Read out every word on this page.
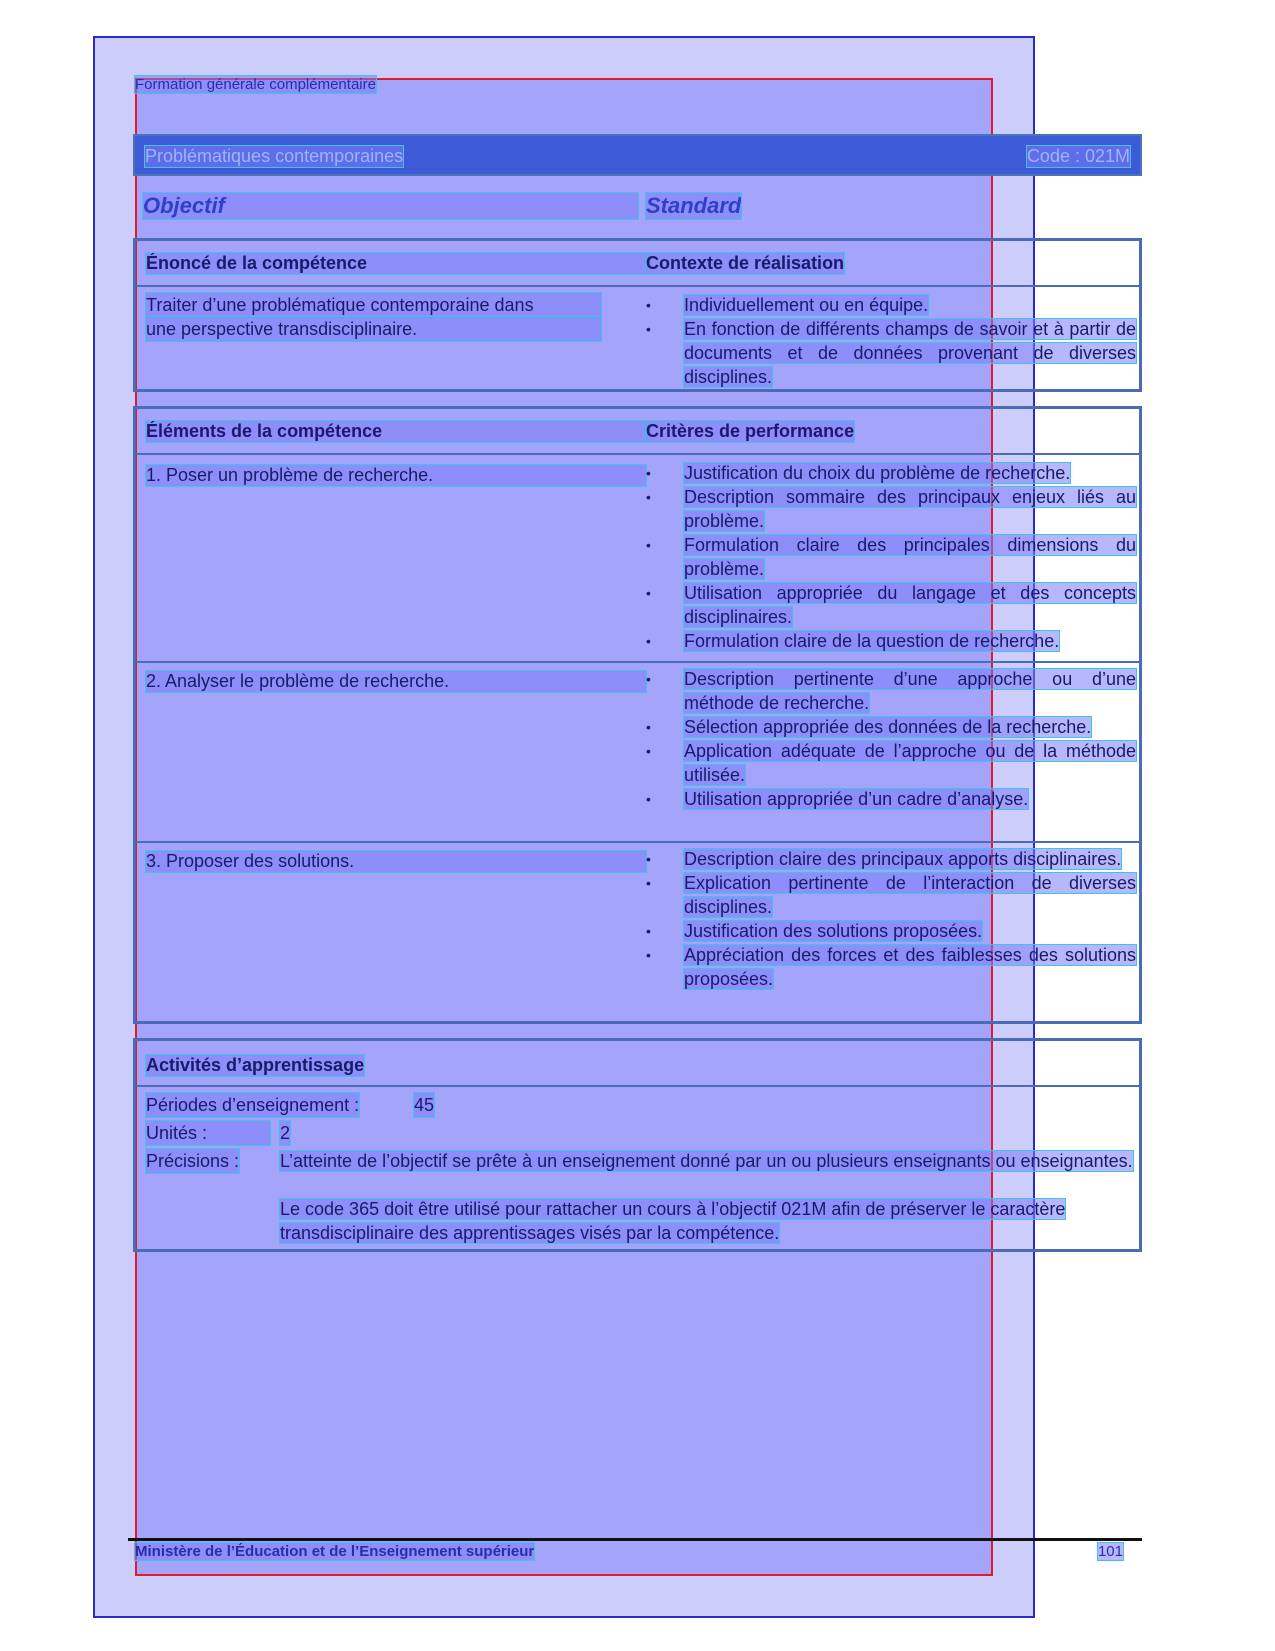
Formation générale complémentaire
Problématiques contemporaines	Code : 021M
Objectif	Standard
Énoncé de la compétence	Contexte de réalisation
Traiter d’une problématique contemporaine dans
une perspective transdisciplinaire.
•	Individuellement ou en équipe.
•	En fonction de différents champs de savoir et à partir de documents et de données provenant de diverses disciplines.
Éléments de la compétence	Critères de performance
1. Poser un problème de recherche.	•	Justification du choix du problème de recherche.
•	Description sommaire des principaux enjeux liés au problème.
•	Formulation claire des principales dimensions du problème.
•	Utilisation appropriée du langage et des concepts disciplinaires.
•	Formulation claire de la question de recherche.
2. Analyser le problème de recherche.	•	Description pertinente d’une approche ou d’une méthode de recherche.
•	Sélection appropriée des données de la recherche.
•	Application adéquate de l’approche ou de la méthode utilisée.
•	Utilisation appropriée d’un cadre d’analyse.
3. Proposer des solutions.	•	Description claire des principaux apports disciplinaires.
•	Explication pertinente de l’interaction de diverses disciplines.
•	Justification des solutions proposées.
•	Appréciation des forces et des faiblesses des solutions proposées.
Activités d’apprentissage
Périodes d’enseignement :	45
Unités :	2
Précisions : L’atteinte de l’objectif se prête à un enseignement donné par un ou plusieurs enseignants ou enseignantes.
Le code 365 doit être utilisé pour rattacher un cours à l’objectif 021M afin de préserver le caractère transdisciplinaire des apprentissages visés par la compétence.
Ministère de l’Éducation et de l’Enseignement supérieur	101
